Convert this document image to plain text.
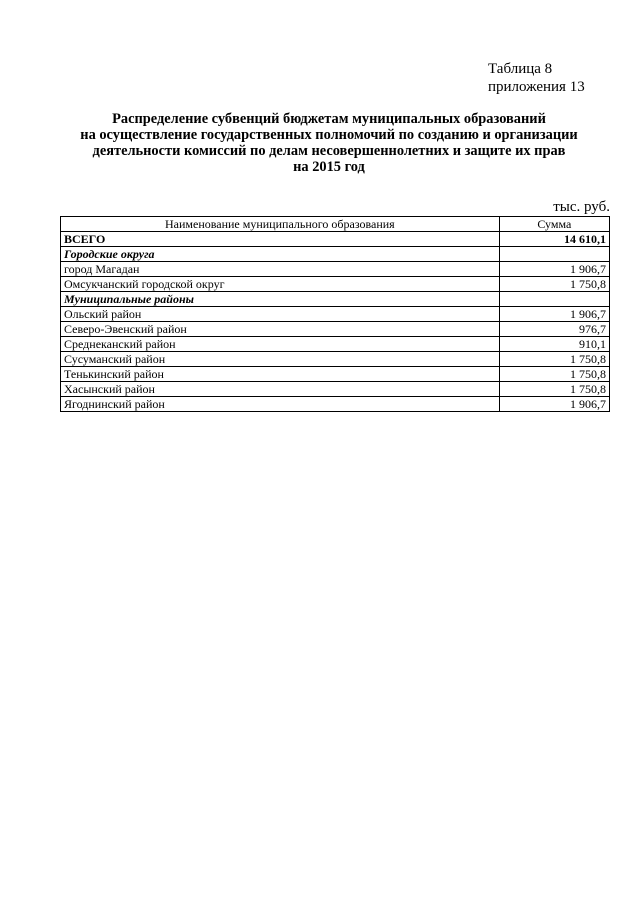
Таблица 8
приложения 13
Распределение субвенций бюджетам муниципальных образований
на осуществление государственных полномочий по созданию и организации
деятельности комиссий по делам несовершеннолетних и защите их прав
на 2015 год
тыс. руб.
Наименование муниципального образования	Сумма
ВСЕГО	14 610,1
Городские округа	
город Магадан	1 906,7
Омсукчанский городской округ	1 750,8
Муниципальные районы	
Ольский район	1 906,7
Северо-Эвенский район	976,7
Среднеканский район	910,1
Сусуманский район	1 750,8
Тенькинский район	1 750,8
Хасынский район	1 750,8
Ягоднинский район	1 906,7
